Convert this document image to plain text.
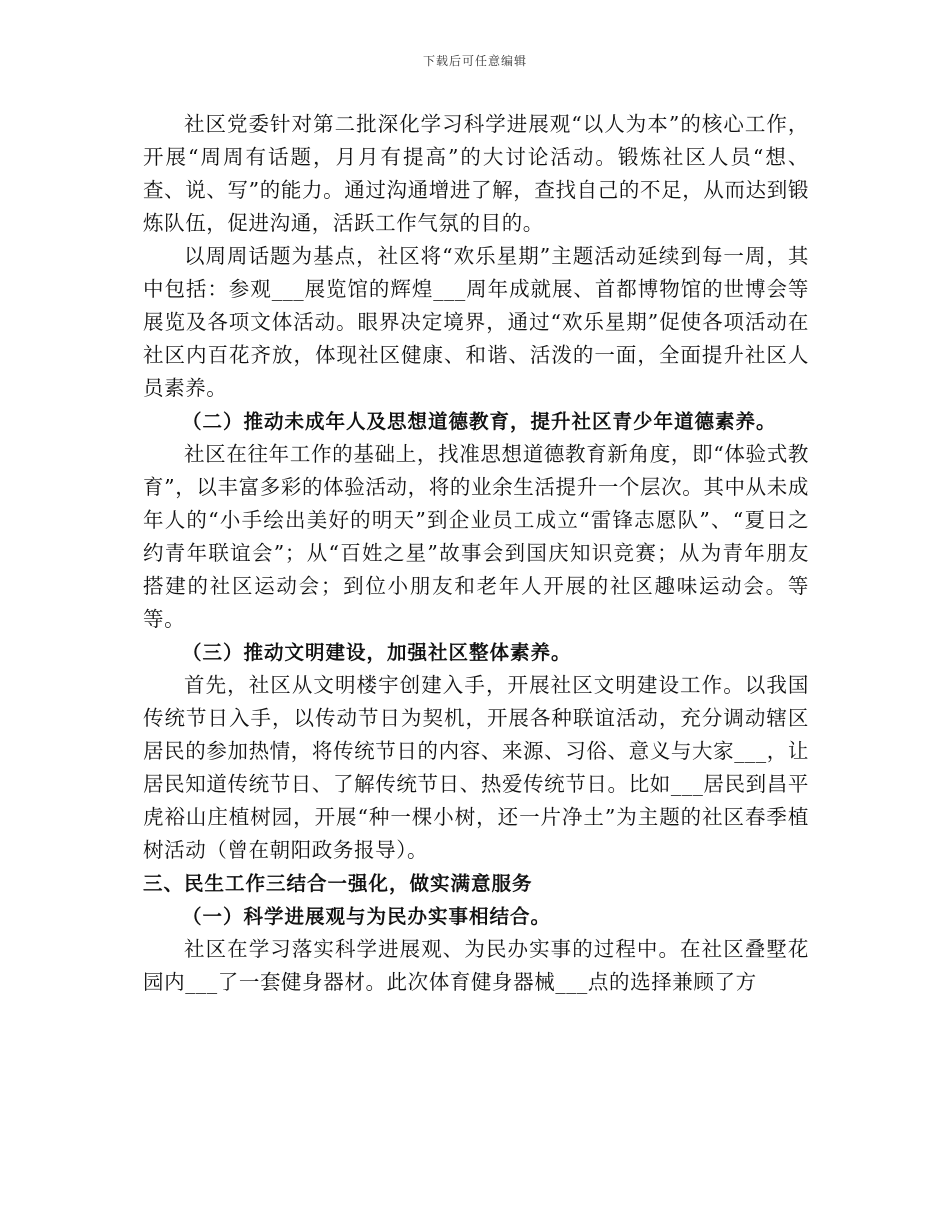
下载后可任意编辑

社区党委针对第二批深化学习科学进展观“以人为本”的核心工作，开展“周周有话题，月月有提高”的大讨论活动。锻炼社区人员“想、查、说、写”的能力。通过沟通增进了解，查找自己的不足，从而达到锻炼队伍，促进沟通，活跃工作气氛的目的。

以周周话题为基点，社区将“欢乐星期”主题活动延续到每一周，其中包括：参观___展览馆的辉煌___周年成就展、首都博物馆的世博会等展览及各项文体活动。眼界决定境界，通过“欢乐星期”促使各项活动在社区内百花齐放，体现社区健康、和谐、活泼的一面，全面提升社区人员素养。

（二）推动未成年人及思想道德教育，提升社区青少年道德素养。

社区在往年工作的基础上，找准思想道德教育新角度，即“体验式教育”，以丰富多彩的体验活动，将的业余生活提升一个层次。其中从未成年人的“小手绘出美好的明天”到企业员工成立“雷锋志愿队”、“夏日之约青年联谊会”；从“百姓之星”故事会到国庆知识竞赛；从为青年朋友搭建的社区运动会；到位小朋友和老年人开展的社区趣味运动会。等等。

（三）推动文明建设，加强社区整体素养。

首先，社区从文明楼宇创建入手，开展社区文明建设工作。以我国传统节日入手，以传动节日为契机，开展各种联谊活动，充分调动辖区居民的参加热情，将传统节日的内容、来源、习俗、意义与大家___，让居民知道传统节日、了解传统节日、热爱传统节日。比如___居民到昌平虎裕山庄植树园，开展“种一棵小树，还一片净土”为主题的社区春季植树活动（曾在朝阳政务报导）。

三、民生工作三结合一强化，做实满意服务

（一）科学进展观与为民办实事相结合。

社区在学习落实科学进展观、为民办实事的过程中。在社区叠墅花园内___了一套健身器材。此次体育健身器械___点的选择兼顾了方
